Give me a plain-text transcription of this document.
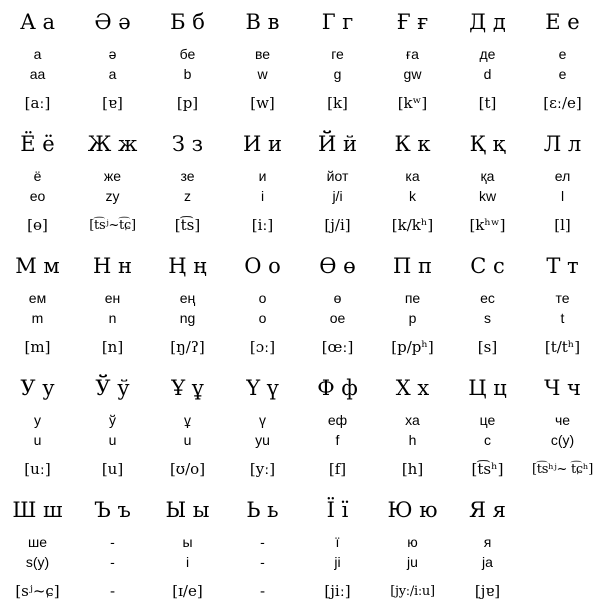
А а	Ә ә	Б б	В в	Г г	Ғ ғ	Д д	Е е
а	ә	бе	ве	ге	ға	де	е
аа	a	b	w	g	gw	d	e
[aː]	[ɐ]	[p]	[w]	[k]	[kʷ]	[t]	[ɛː/e]
Ё ё	Ж ж	З з	И и	Й й	К к	Қ қ	Л л
ё	же	зе	и	йот	ка	қа	ел
eo	zy	z	i	j/i	k	kw	l
[ɵ]	[t͡sʲ~t͡ɕ]	[t͡s]	[iː]	[j/i]	[k/kʰ]	[kʰʷ]	[l]
М м	Н н	Ң ң	О о	Ө ө	П п	С с	Т т
ем	ен	ең	о	ө	пе	ес	те
m	n	ng	o	oe	p	s	t
[m]	[n]	[ŋ/ʔ]	[ɔː]	[œː]	[p/pʰ]	[s]	[t/tʰ]
У у	Ў ў	Ұ ұ	Ү ү	Ф ф	Х х	Ц ц	Ч ч
у	ў	ұ	ү	еф	ха	це	че
u	u	u	yu	f	h	c	c(y)
[uː]	[u]	[ʊ/o]	[yː]	[f]	[h]	[t͡sʰ]	[t͡sʰʲ~ t͡ɕʰ]
Ш ш	Ъ ъ	Ы ы	Ь ь	Ї ї	Ю ю	Я я	
ше	-	ы	-	ї	ю	я	
s(y)	-	i	-	ji	ju	ja	
[sʲ~ɕ]	-	[ɪ/e]	-	[jiː]	[jyː/iːu]	[jɐ]	
